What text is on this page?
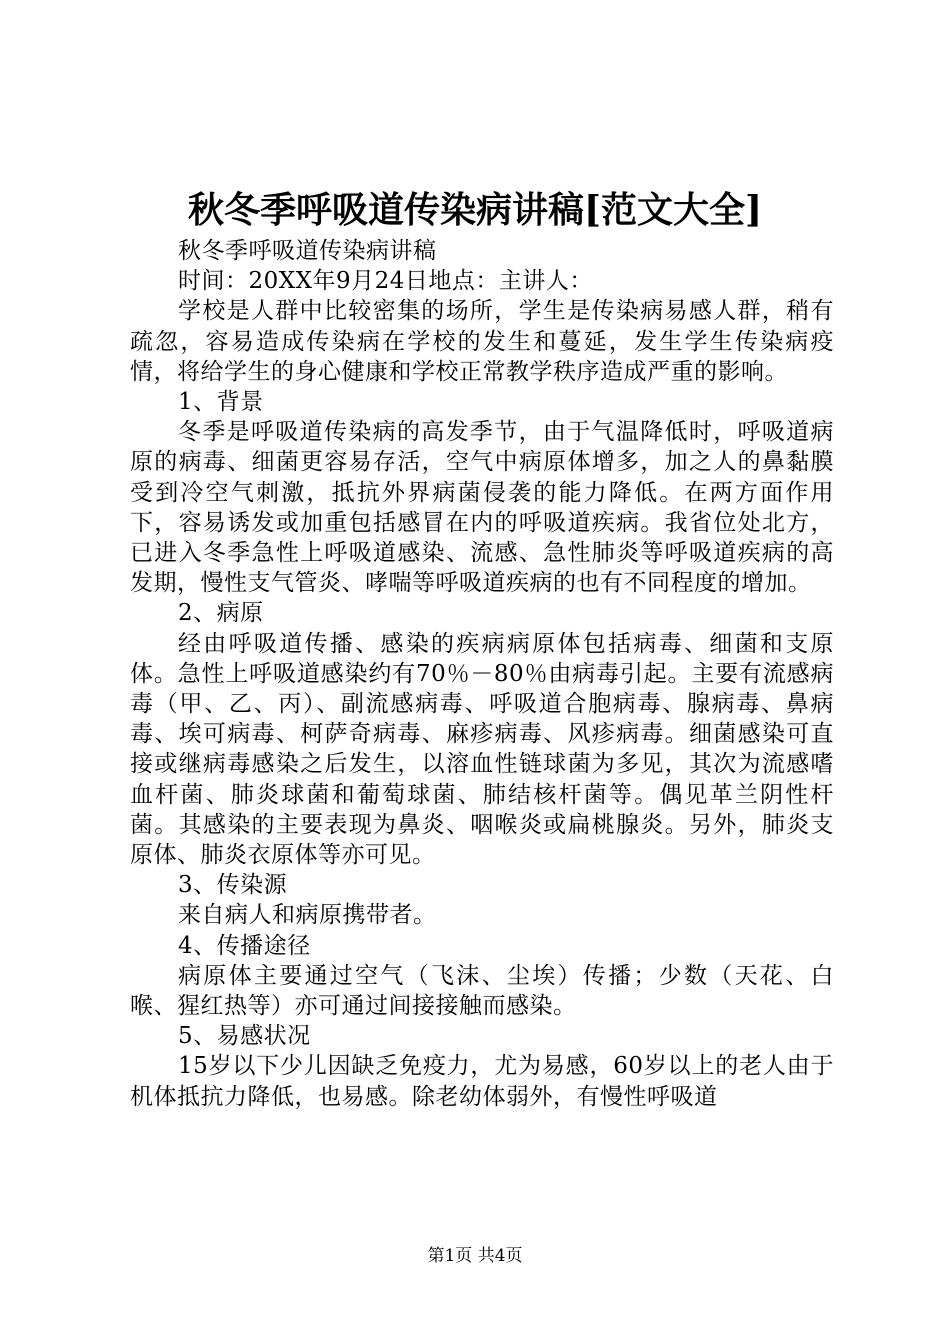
秋冬季呼吸道传染病讲稿[范文大全]

秋冬季呼吸道传染病讲稿

时间：20XX年9月24日地点：主讲人：

学校是人群中比较密集的场所，学生是传染病易感人群，稍有疏忽，容易造成传染病在学校的发生和蔓延，发生学生传染病疫情，将给学生的身心健康和学校正常教学秩序造成严重的影响。

1、背景

冬季是呼吸道传染病的高发季节，由于气温降低时，呼吸道病原的病毒、细菌更容易存活，空气中病原体增多，加之人的鼻黏膜受到冷空气刺激，抵抗外界病菌侵袭的能力降低。在两方面作用下，容易诱发或加重包括感冒在内的呼吸道疾病。我省位处北方，已进入冬季急性上呼吸道感染、流感、急性肺炎等呼吸道疾病的高发期，慢性支气管炎、哮喘等呼吸道疾病的也有不同程度的增加。

2、病原

经由呼吸道传播、感染的疾病病原体包括病毒、细菌和支原体。急性上呼吸道感染约有70％－80％由病毒引起。主要有流感病毒（甲、乙、丙）、副流感病毒、呼吸道合胞病毒、腺病毒、鼻病毒、埃可病毒、柯萨奇病毒、麻疹病毒、风疹病毒。细菌感染可直接或继病毒感染之后发生，以溶血性链球菌为多见，其次为流感嗜血杆菌、肺炎球菌和葡萄球菌、肺结核杆菌等。偶见革兰阴性杆菌。其感染的主要表现为鼻炎、咽喉炎或扁桃腺炎。另外，肺炎支原体、肺炎衣原体等亦可见。

3、传染源

来自病人和病原携带者。

4、传播途径

病原体主要通过空气（飞沫、尘埃）传播；少数（天花、白喉、猩红热等）亦可通过间接接触而感染。

5、易感状况

15岁以下少儿因缺乏免疫力，尤为易感，60岁以上的老人由于机体抵抗力降低，也易感。除老幼体弱外，有慢性呼吸道

第1页 共4页
